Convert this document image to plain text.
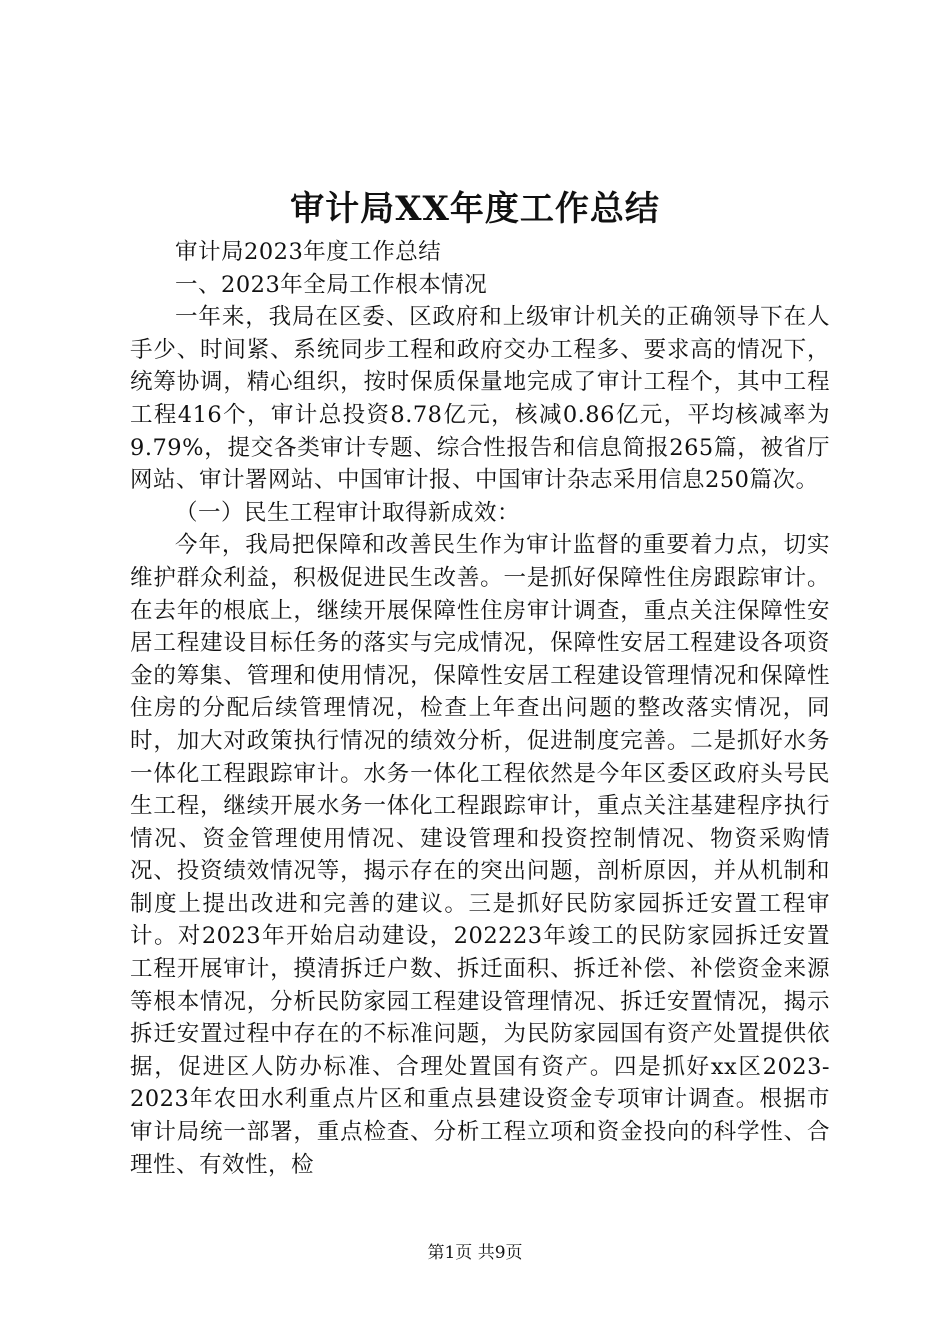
审计局XX年度工作总结

审计局2023年度工作总结

一、2023年全局工作根本情况

一年来，我局在区委、区政府和上级审计机关的正确领导下在人手少、时间紧、系统同步工程和政府交办工程多、要求高的情况下，统筹协调，精心组织，按时保质保量地完成了审计工程个，其中工程工程416个，审计总投资8.78亿元，核减0.86亿元，平均核减率为9.79%，提交各类审计专题、综合性报告和信息简报265篇，被省厅网站、审计署网站、中国审计报、中国审计杂志采用信息250篇次。

（一）民生工程审计取得新成效：

今年，我局把保障和改善民生作为审计监督的重要着力点，切实维护群众利益，积极促进民生改善。一是抓好保障性住房跟踪审计。在去年的根底上，继续开展保障性住房审计调查，重点关注保障性安居工程建设目标任务的落实与完成情况，保障性安居工程建设各项资金的筹集、管理和使用情况，保障性安居工程建设管理情况和保障性住房的分配后续管理情况，检查上年查出问题的整改落实情况，同时，加大对政策执行情况的绩效分析，促进制度完善。二是抓好水务一体化工程跟踪审计。水务一体化工程依然是今年区委区政府头号民生工程，继续开展水务一体化工程跟踪审计，重点关注基建程序执行情况、资金管理使用情况、建设管理和投资控制情况、物资采购情况、投资绩效情况等，揭示存在的突出问题，剖析原因，并从机制和制度上提出改进和完善的建议。三是抓好民防家园拆迁安置工程审计。对2023年开始启动建设，202223年竣工的民防家园拆迁安置工程开展审计，摸清拆迁户数、拆迁面积、拆迁补偿、补偿资金来源等根本情况，分析民防家园工程建设管理情况、拆迁安置情况，揭示拆迁安置过程中存在的不标准问题，为民防家园国有资产处置提供依据，促进区人防办标准、合理处置国有资产。四是抓好xx区2023-2023年农田水利重点片区和重点县建设资金专项审计调查。根据市审计局统一部署，重点检查、分析工程立项和资金投向的科学性、合理性、有效性，检

第1页 共9页
